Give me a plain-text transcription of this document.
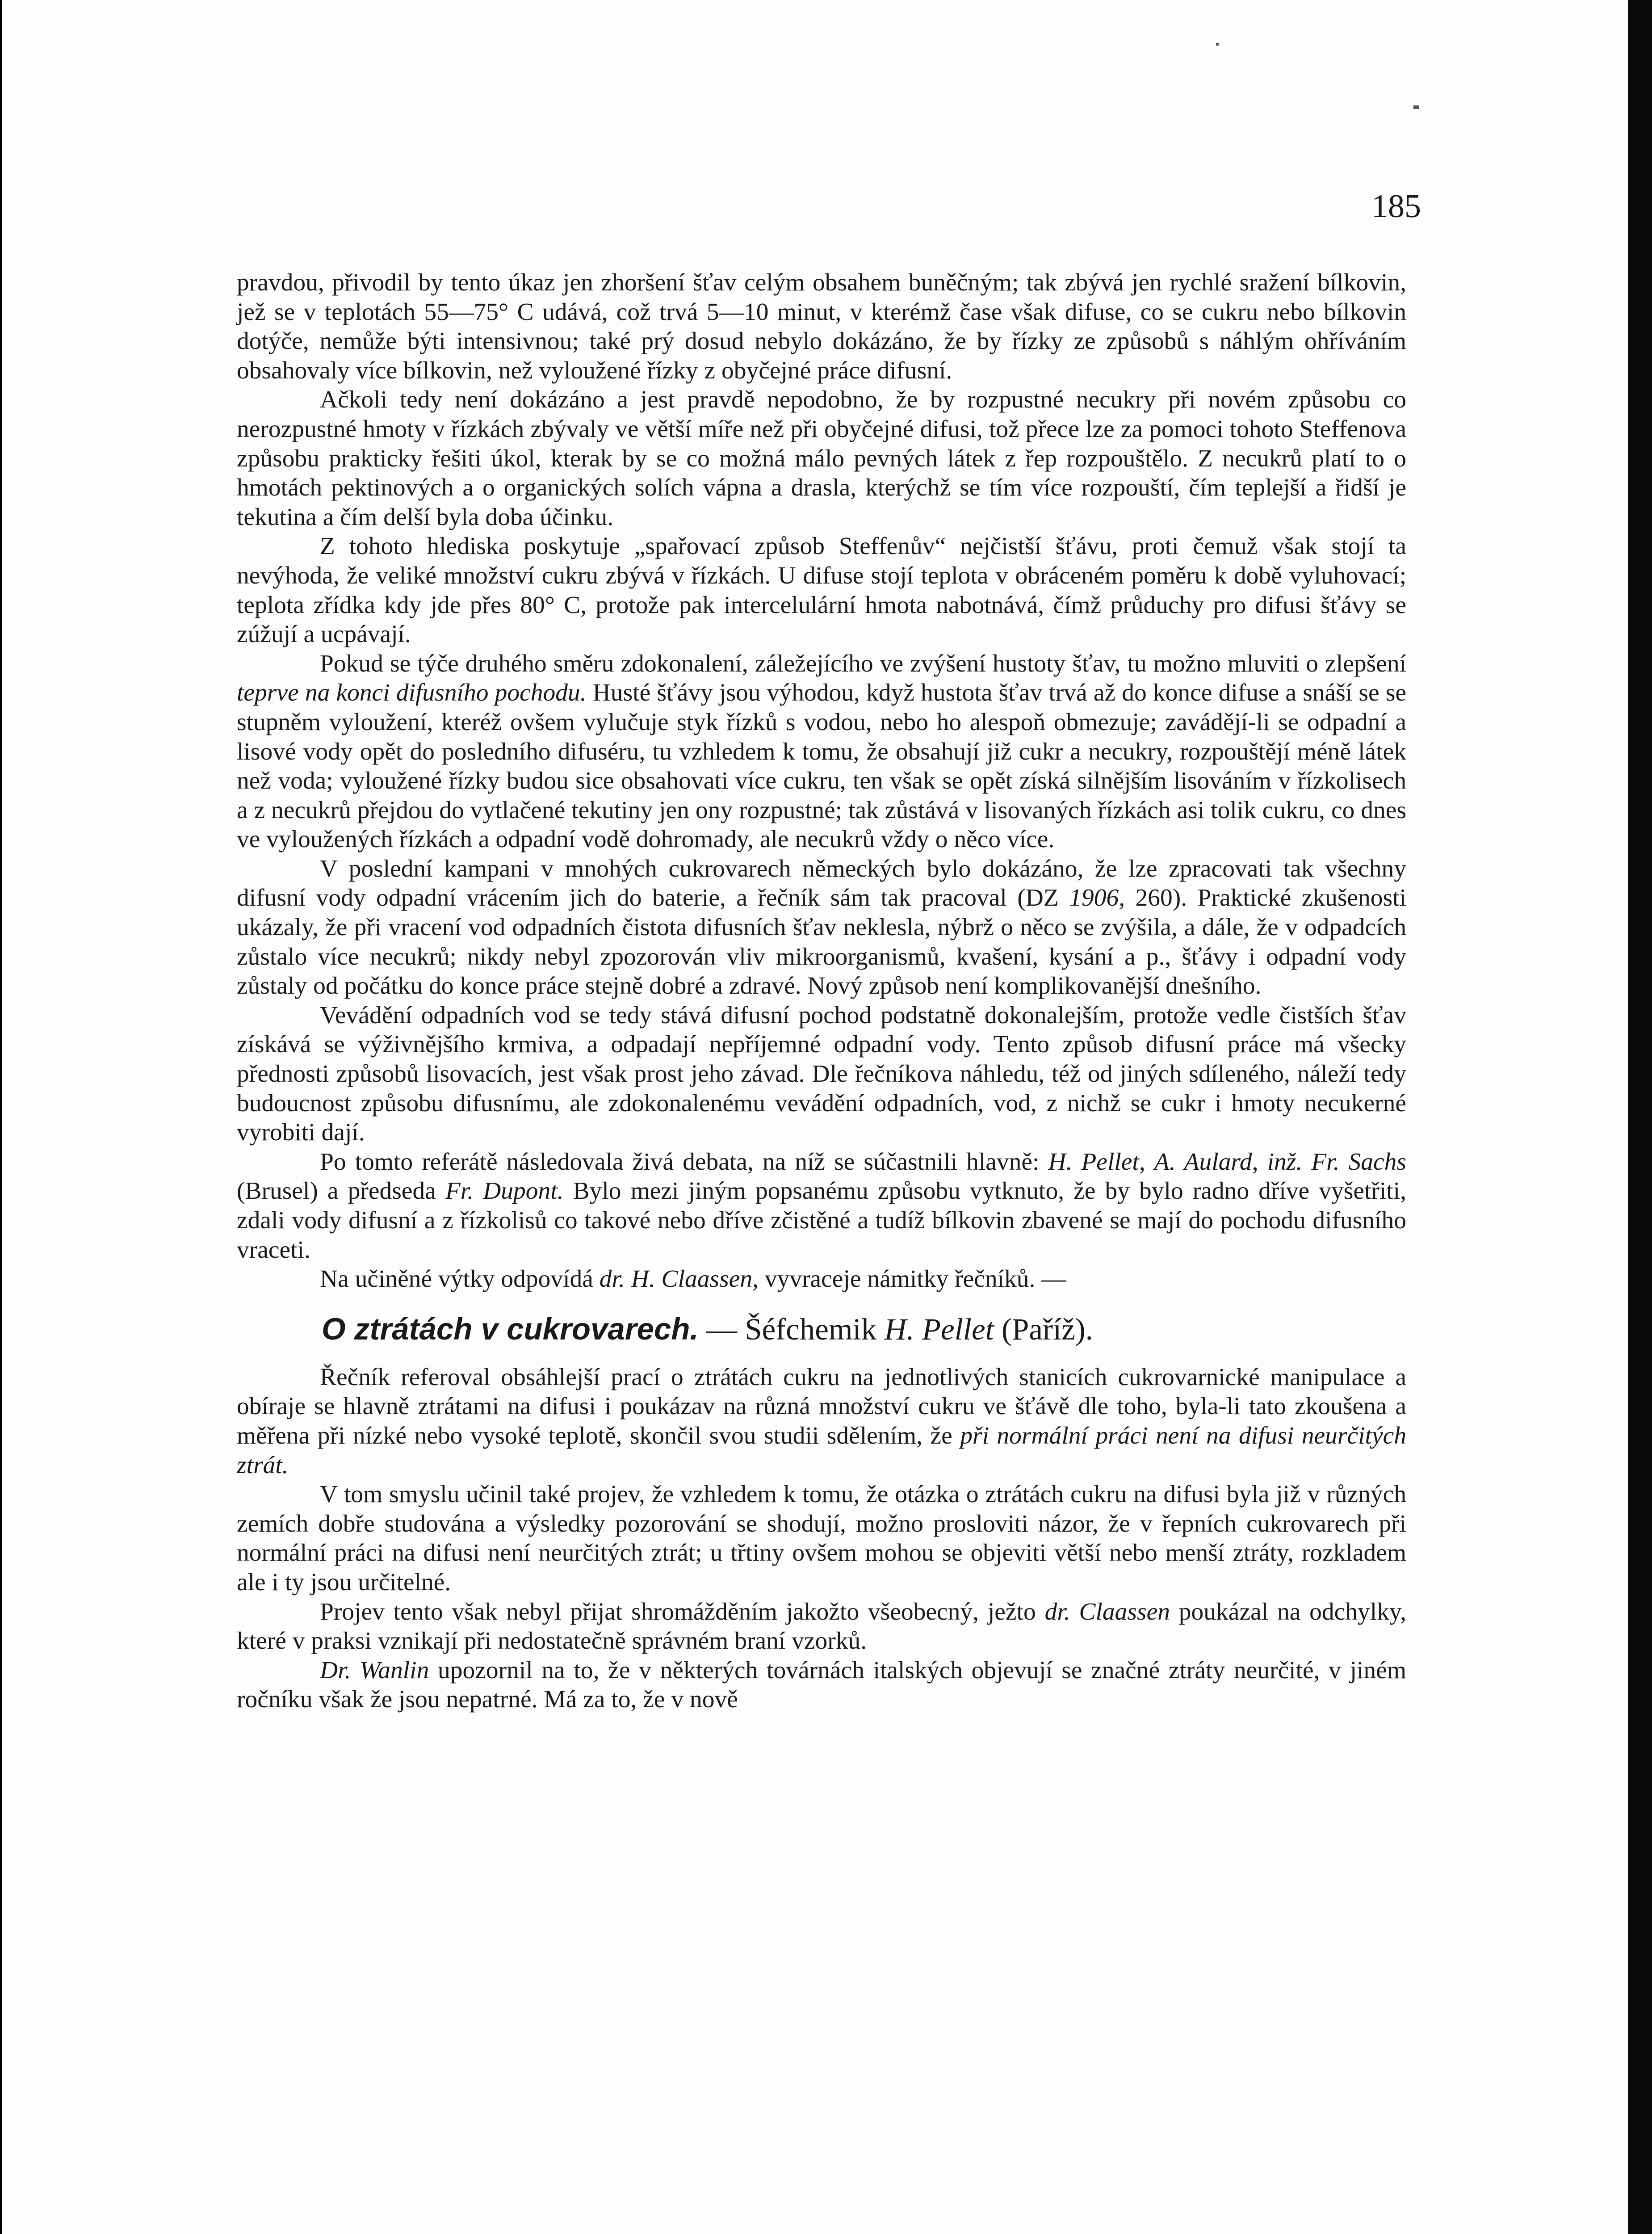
185

pravdou, přivodil by tento úkaz jen zhoršení šťav celým obsahem buněčným; tak zbývá jen rychlé sražení bílkovin, jež se v teplotách 55—75° C udává, což trvá 5—10 minut, v kterémž čase však difuse, co se cukru nebo bílkovin dotýče, nemůže býti intensivnou; také prý dosud nebylo dokázáno, že by řízky ze způsobů s náhlým ohříváním obsahovaly více bílkovin, než vyloužené řízky z obyčejné práce difusní.

Ačkoli tedy není dokázáno a jest pravdě nepodobno, že by rozpustné necukry při novém způsobu co nerozpustné hmoty v řízkách zbývaly ve větší míře než při obyčejné difusi, tož přece lze za pomoci tohoto Steffenova způsobu prakticky řešiti úkol, kterak by se co možná málo pevných látek z řep rozpouštělo. Z necukrů platí to o hmotách pektinových a o organických solích vápna a drasla, kterýchž se tím více rozpouští, čím teplejší a řidší je tekutina a čím delší byla doba účinku.

Z tohoto hlediska poskytuje „spařovací způsob Steffenův“ nejčistší šťávu, proti čemuž však stojí ta nevýhoda, že veliké množství cukru zbývá v řízkách. U difuse stojí teplota v obráceném poměru k době vyluhovací; teplota zřídka kdy jde přes 80° C, protože pak intercelulární hmota nabotnává, čímž průduchy pro difusi šťávy se zúžují a ucpávají.

Pokud se týče druhého směru zdokonalení, záležejícího ve zvýšení hustoty šťav, tu možno mluviti o zlepšení teprve na konci difusního pochodu. Husté šťávy jsou výhodou, když hustota šťav trvá až do konce difuse a snáší se se stupněm vyloužení, kteréž ovšem vylučuje styk řízků s vodou, nebo ho alespoň obmezuje; zavádějí-li se odpadní a lisové vody opět do posledního difuséru, tu vzhledem k tomu, že obsahují již cukr a necukry, rozpouštějí méně látek než voda; vyloužené řízky budou sice obsahovati více cukru, ten však se opět získá silnějším lisováním v řízkolisech a z necukrů přejdou do vytlačené tekutiny jen ony rozpustné; tak zůstává v lisovaných řízkách asi tolik cukru, co dnes ve vyloužených řízkách a odpadní vodě dohromady, ale necukrů vždy o něco více.

V poslední kampani v mnohých cukrovarech německých bylo dokázáno, že lze zpracovati tak všechny difusní vody odpadní vrácením jich do baterie, a řečník sám tak pracoval (DZ 1906, 260). Praktické zkušenosti ukázaly, že při vracení vod odpadních čistota difusních šťav neklesla, nýbrž o něco se zvýšila, a dále, že v odpadcích zůstalo více necukrů; nikdy nebyl zpozorován vliv mikroorganismů, kvašení, kysání a p., šťávy i odpadní vody zůstaly od počátku do konce práce stejně dobré a zdravé. Nový způsob není komplikovanější dnešního.

Vevádění odpadních vod se tedy stává difusní pochod podstatně dokonalejším, protože vedle čistších šťav získává se výživnějšího krmiva, a odpadají nepříjemné odpadní vody. Tento způsob difusní práce má všecky přednosti způsobů lisovacích, jest však prost jeho závad. Dle řečníkova náhledu, též od jiných sdíleného, náleží tedy budoucnost způsobu difusnímu, ale zdokonalenému vevádění odpadních, vod, z nichž se cukr i hmoty necukerné vyrobiti dají.

Po tomto referátě následovala živá debata, na níž se súčastnili hlavně: H. Pellet, A. Aulard, inž. Fr. Sachs (Brusel) a předseda Fr. Dupont. Bylo mezi jiným popsanému způsobu vytknuto, že by bylo radno dříve vyšetřiti, zdali vody difusní a z řízkolisů co takové nebo dříve zčistěné a tudíž bílkovin zbavené se mají do pochodu difusního vraceti.

Na učiněné výtky odpovídá dr. H. Claassen, vyvraceje námitky řečníků. —

O ztrátách v cukrovarech. — Šéfchemik H. Pellet (Paříž).

Řečník referoval obsáhlejší prací o ztrátách cukru na jednotlivých stanicích cukrovarnické manipulace a obíraje se hlavně ztrátami na difusi i poukázav na různá množství cukru ve šťávě dle toho, byla-li tato zkoušena a měřena při nízké nebo vysoké teplotě, skončil svou studii sdělením, že při normální práci není na difusi neurčitých ztrát.

V tom smyslu učinil také projev, že vzhledem k tomu, že otázka o ztrátách cukru na difusi byla již v různých zemích dobře studována a výsledky pozorování se shodují, možno prosloviti názor, že v řepních cukrovarech při normální práci na difusi není neurčitých ztrát; u třtiny ovšem mohou se objeviti větší nebo menší ztráty, rozkladem ale i ty jsou určitelné.

Projev tento však nebyl přijat shromážděním jakožto všeobecný, ježto dr. Claassen poukázal na odchylky, které v praksi vznikají při nedostatečně správném braní vzorků.

Dr. Wanlin upozornil na to, že v některých továrnách italských objevují se značné ztráty neurčité, v jiném ročníku však že jsou nepatrné. Má za to, že v nově
